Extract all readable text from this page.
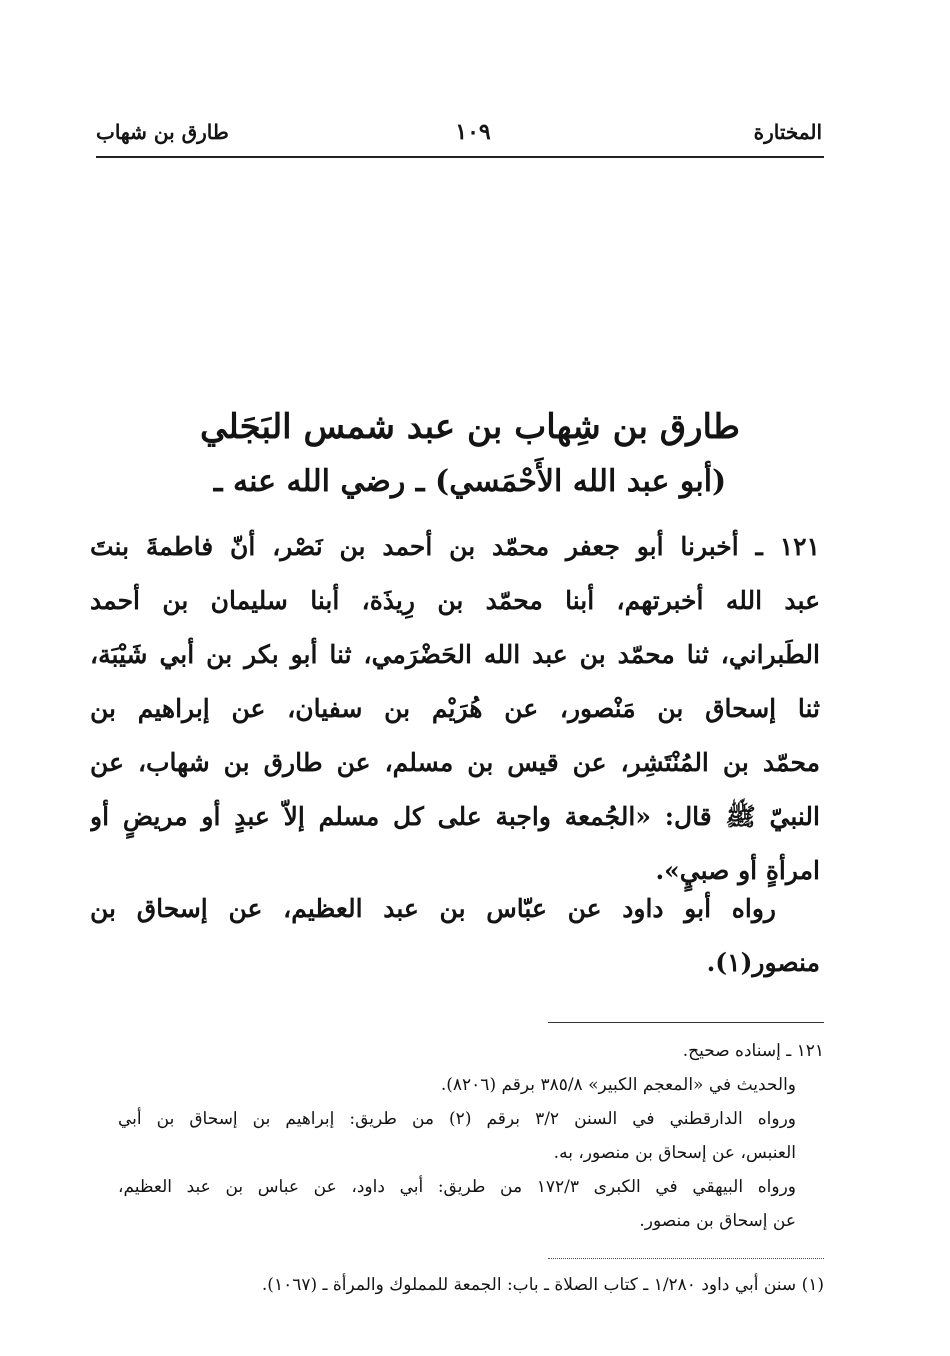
المختارة
١٠٩
طارق بن شهاب
طارق بن شِهاب بن عبد شمس البَجَلي
(أبو عبد الله الأَحْمَسي) ـ رضي الله عنه ـ
١٢١ ـ أخبرنا أبو جعفر محمّد بن أحمد بن نَصْر، أنّ فاطمةَ بنتَ
عبد الله أخبرتهم، أبنا محمّد بن رِيذَة، أبنا سليمان بن أحمد
الطَبراني، ثنا محمّد بن عبد الله الحَضْرَمي، ثنا أبو بكر بن أبي شَيْبَة،
ثنا إسحاق بن مَنْصور، عن هُرَيْم بن سفيان، عن إبراهيم بن
محمّد بن المُنْتَشِر، عن قيس بن مسلم، عن طارق بن شهاب، عن
النبيّ ﷺ قال: «الجُمعة واجبة على كل مسلم إلاّ عبدٍ أو مريضٍ أو
امرأةٍ أو صبيٍ».
رواه أبو داود عن عبّاس بن عبد العظيم، عن إسحاق بن
منصور(١).
١٢١ ـ إسناده صحيح.
والحديث في «المعجم الكبير» ٣٨٥/٨ برقم (٨٢٠٦).
ورواه الدارقطني في السنن ٣/٢ برقم (٢) من طريق: إبراهيم بن إسحاق بن أبي
العنبس، عن إسحاق بن منصور، به.
ورواه البيهقي في الكبرى ١٧٢/٣ من طريق: أبي داود، عن عباس بن عبد العظيم،
عن إسحاق بن منصور.
(١) سنن أبي داود ١/٢٨٠ ـ كتاب الصلاة ـ باب: الجمعة للمملوك والمرأة ـ (١٠٦٧).
